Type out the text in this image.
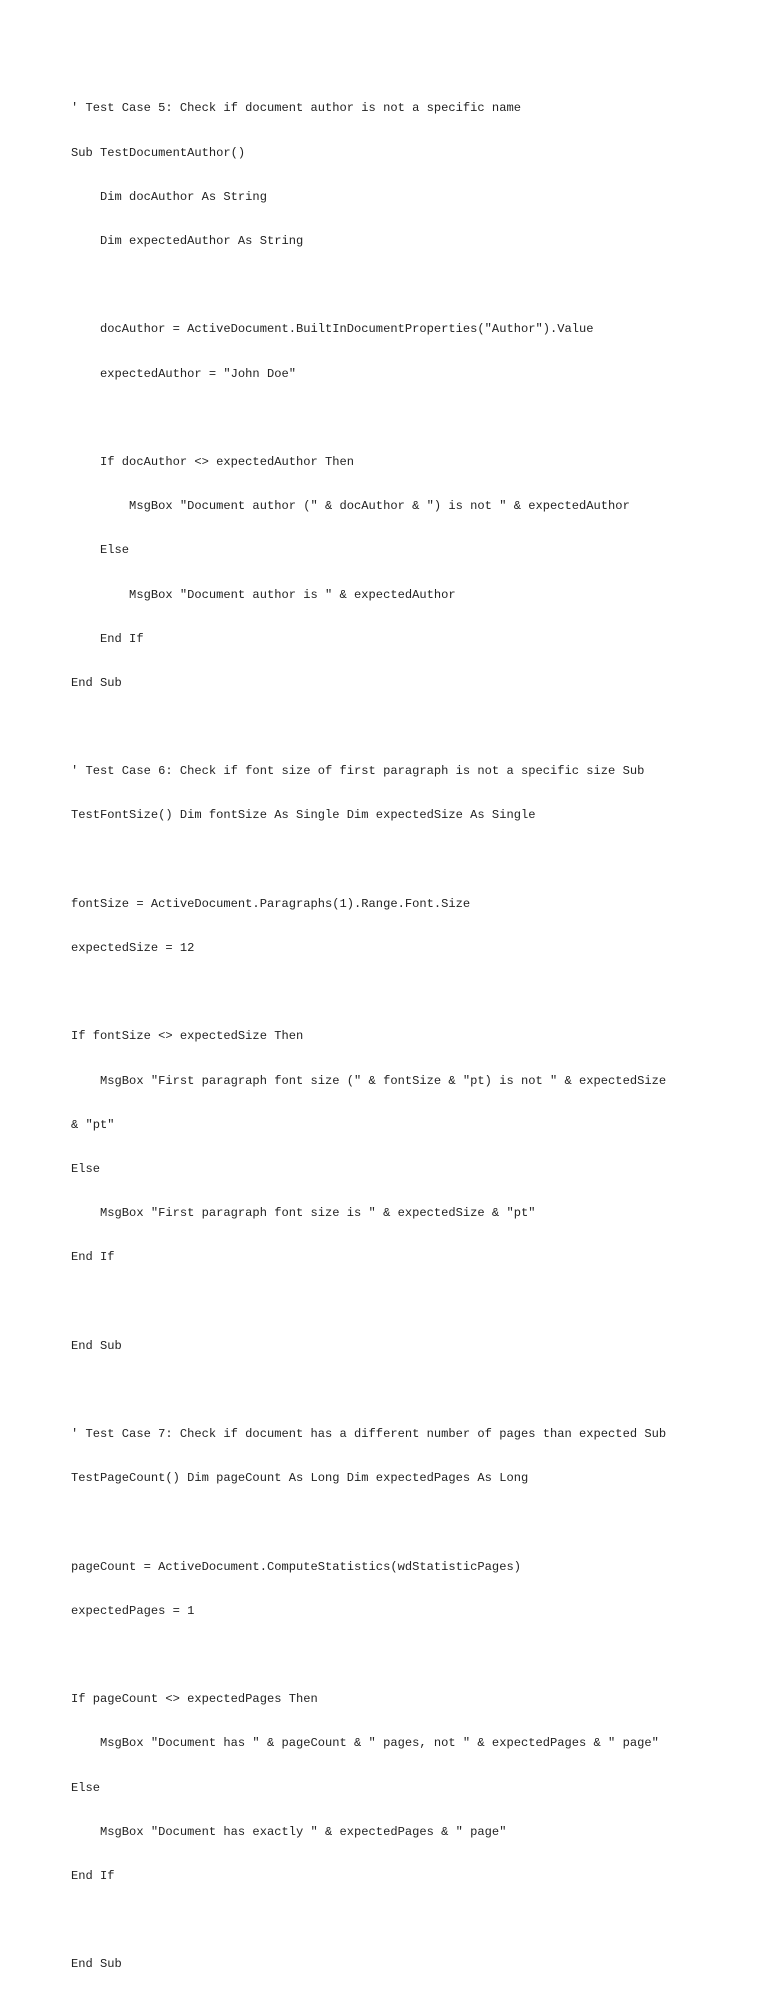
' Test Case 5: Check if document author is not a specific name

Sub TestDocumentAuthor()

Dim docAuthor As String

Dim expectedAuthor As String

docAuthor = ActiveDocument.BuiltInDocumentProperties("Author").Value

expectedAuthor = "John Doe"

If docAuthor <> expectedAuthor Then

MsgBox "Document author (" & docAuthor & ") is not " & expectedAuthor

Else

MsgBox "Document author is " & expectedAuthor

End If

End Sub

' Test Case 6: Check if font size of first paragraph is not a specific size Sub

TestFontSize() Dim fontSize As Single Dim expectedSize As Single

fontSize = ActiveDocument.Paragraphs(1).Range.Font.Size

expectedSize = 12

If fontSize <> expectedSize Then

MsgBox "First paragraph font size (" & fontSize & "pt) is not " & expectedSize

& "pt"

Else

MsgBox "First paragraph font size is " & expectedSize & "pt"

End If

End Sub

' Test Case 7: Check if document has a different number of pages than expected Sub

TestPageCount() Dim pageCount As Long Dim expectedPages As Long

pageCount = ActiveDocument.ComputeStatistics(wdStatisticPages)

expectedPages = 1

If pageCount <> expectedPages Then

MsgBox "Document has " & pageCount & " pages, not " & expectedPages & " page"

Else

MsgBox "Document has exactly " & expectedPages & " page"

End If

End Sub
